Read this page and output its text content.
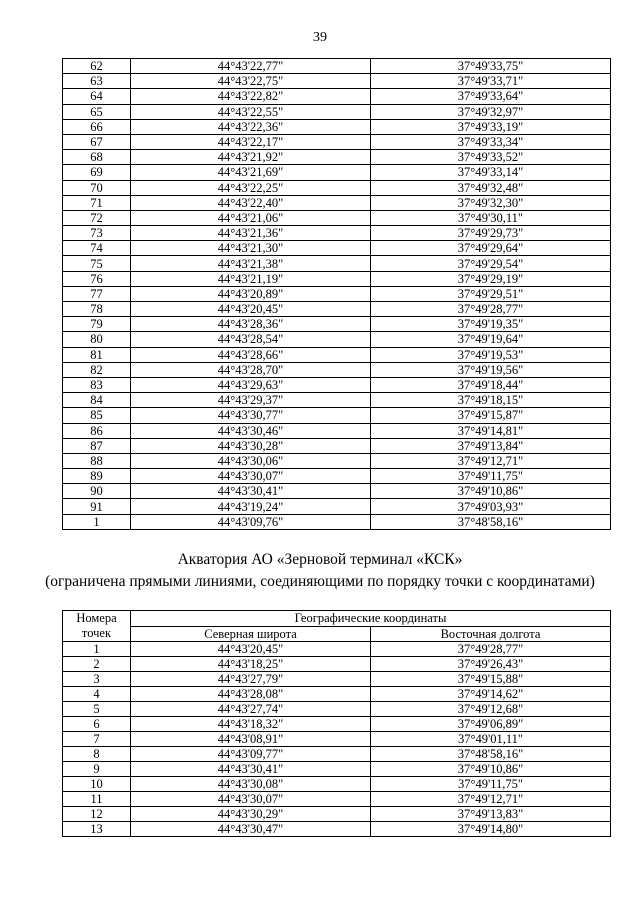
39
62	44°43'22,77"	37°49'33,75"
63	44°43'22,75"	37°49'33,71"
64	44°43'22,82"	37°49'33,64"
65	44°43'22,55"	37°49'32,97"
66	44°43'22,36"	37°49'33,19"
67	44°43'22,17"	37°49'33,34"
68	44°43'21,92"	37°49'33,52"
69	44°43'21,69"	37°49'33,14"
70	44°43'22,25"	37°49'32,48"
71	44°43'22,40"	37°49'32,30"
72	44°43'21,06"	37°49'30,11"
73	44°43'21,36"	37°49'29,73"
74	44°43'21,30"	37°49'29,64"
75	44°43'21,38"	37°49'29,54"
76	44°43'21,19"	37°49'29,19"
77	44°43'20,89"	37°49'29,51"
78	44°43'20,45"	37°49'28,77"
79	44°43'28,36"	37°49'19,35"
80	44°43'28,54"	37°49'19,64"
81	44°43'28,66"	37°49'19,53"
82	44°43'28,70"	37°49'19,56"
83	44°43'29,63"	37°49'18,44"
84	44°43'29,37"	37°49'18,15"
85	44°43'30,77"	37°49'15,87"
86	44°43'30,46"	37°49'14,81"
87	44°43'30,28"	37°49'13,84"
88	44°43'30,06"	37°49'12,71"
89	44°43'30,07"	37°49'11,75"
90	44°43'30,41"	37°49'10,86"
91	44°43'19,24"	37°49'03,93"
1	44°43'09,76"	37°48'58,16"
Акватория АО «Зерновой терминал «КСК»
(ограничена прямыми линиями, соединяющими по порядку точки с координатами)
Номера точек	Географические координаты	
	Северная широта	Восточная долгота
1	44°43'20,45"	37°49'28,77"
2	44°43'18,25"	37°49'26,43"
3	44°43'27,79"	37°49'15,88"
4	44°43'28,08"	37°49'14,62"
5	44°43'27,74"	37°49'12,68"
6	44°43'18,32"	37°49'06,89"
7	44°43'08,91"	37°49'01,11"
8	44°43'09,77"	37°48'58,16"
9	44°43'30,41"	37°49'10,86"
10	44°43'30,08"	37°49'11,75"
11	44°43'30,07"	37°49'12,71"
12	44°43'30,29"	37°49'13,83"
13	44°43'30,47"	37°49'14,80"
